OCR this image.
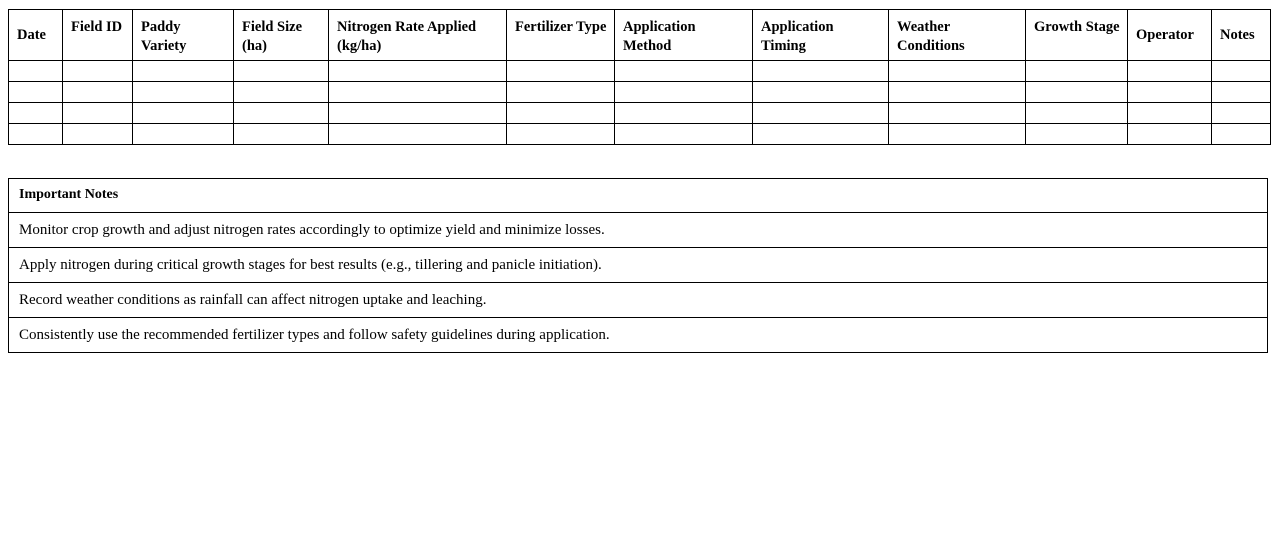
Date	Field ID	Paddy Variety	Field Size (ha)	Nitrogen Rate Applied (kg/ha)	Fertilizer Type	Application Method	Application Timing	Weather Conditions	Growth Stage	Operator	Notes

Important Notes
Monitor crop growth and adjust nitrogen rates accordingly to optimize yield and minimize losses.
Apply nitrogen during critical growth stages for best results (e.g., tillering and panicle initiation).
Record weather conditions as rainfall can affect nitrogen uptake and leaching.
Consistently use the recommended fertilizer types and follow safety guidelines during application.
